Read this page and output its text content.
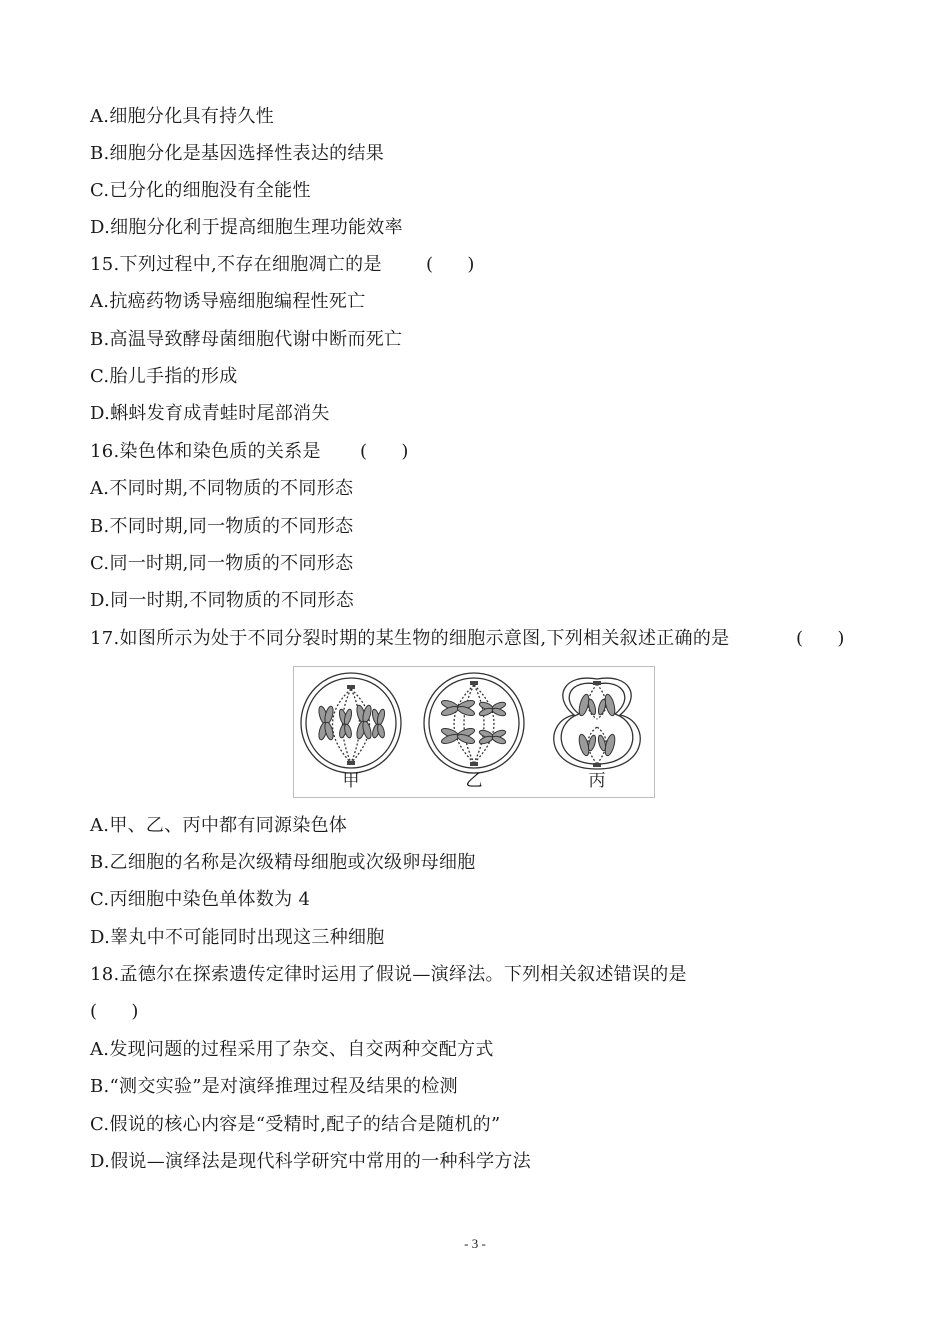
A.细胞分化具有持久性
B.细胞分化是基因选择性表达的结果
C.已分化的细胞没有全能性
D.细胞分化利于提高细胞生理功能效率
15.下列过程中,不存在细胞凋亡的是 (      )
A.抗癌药物诱导癌细胞编程性死亡
B.高温导致酵母菌细胞代谢中断而死亡
C.胎儿手指的形成
D.蝌蚪发育成青蛙时尾部消失
16.染色体和染色质的关系是 (      )
A.不同时期,不同物质的不同形态
B.不同时期,同一物质的不同形态
C.同一时期,同一物质的不同形态
D.同一时期,不同物质的不同形态
17.如图所示为处于不同分裂时期的某生物的细胞示意图,下列相关叙述正确的是	(      )
甲	乙	丙
A.甲、乙、丙中都有同源染色体
B.乙细胞的名称是次级精母细胞或次级卵母细胞
C.丙细胞中染色单体数为 4
D.睾丸中不可能同时出现这三种细胞
18.孟德尔在探索遗传定律时运用了假说—演绎法。下列相关叙述错误的是
(      )
A.发现问题的过程采用了杂交、自交两种交配方式
B.“测交实验”是对演绎推理过程及结果的检测
C.假说的核心内容是“受精时,配子的结合是随机的”
D.假说—演绎法是现代科学研究中常用的一种科学方法
- 3 -
